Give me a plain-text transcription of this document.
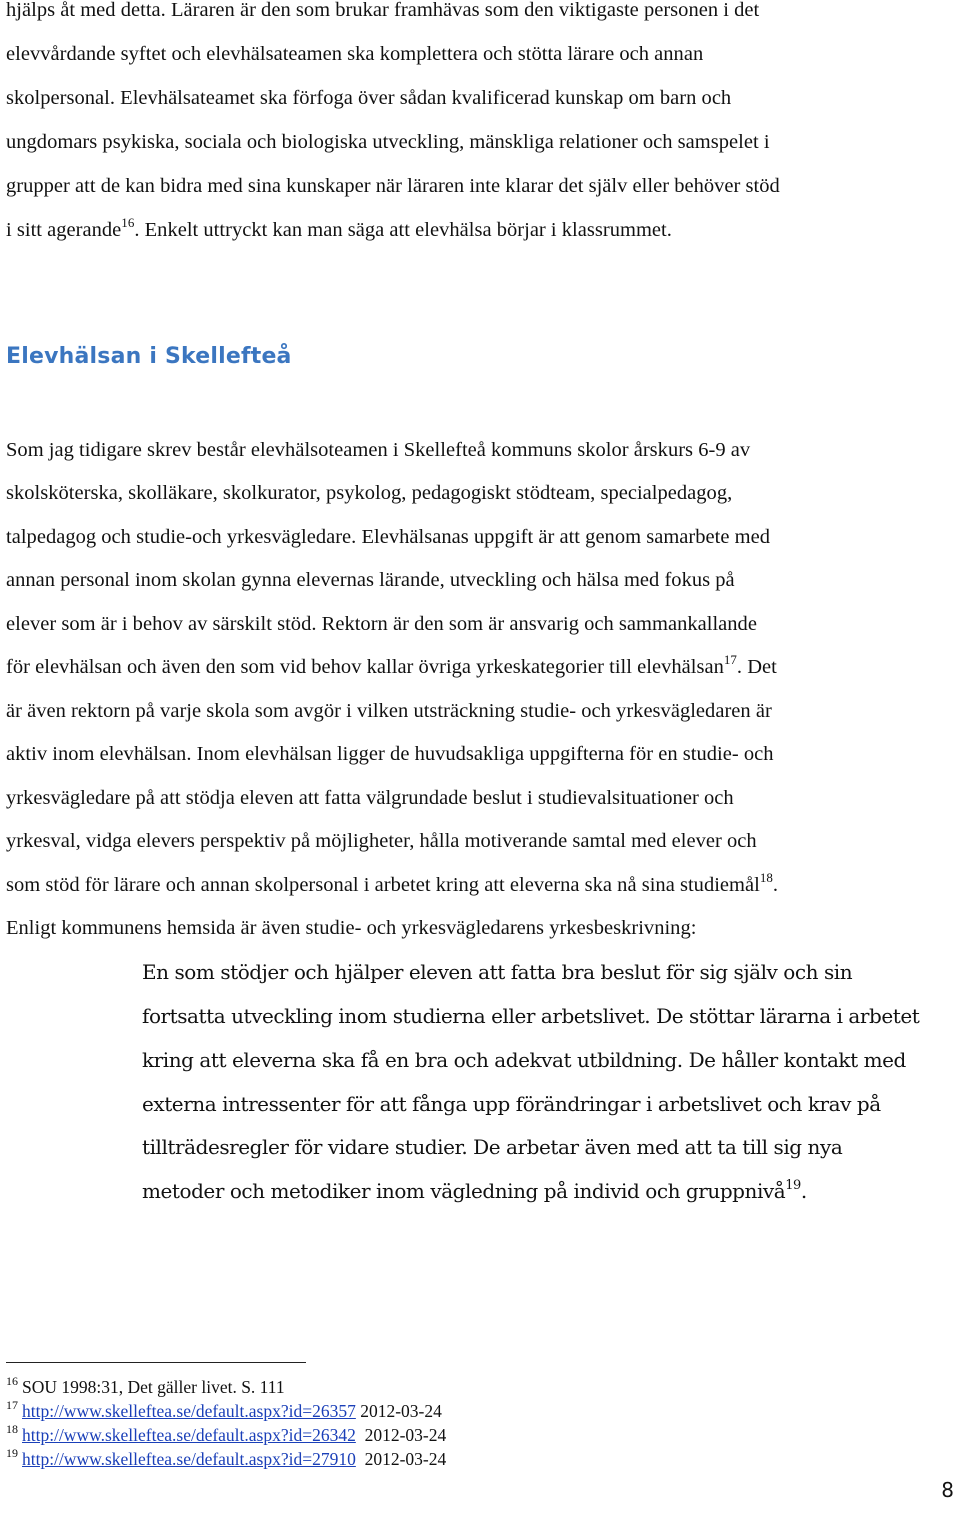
hjälps åt med detta. Läraren är den som brukar framhävas som den viktigaste personen i det
elevvårdande syftet och elevhälsateamen ska komplettera och stötta lärare och annan
skolpersonal. Elevhälsateamet ska förfoga över sådan kvalificerad kunskap om barn och
ungdomars psykiska, sociala och biologiska utveckling, mänskliga relationer och samspelet i
grupper att de kan bidra med sina kunskaper när läraren inte klarar det själv eller behöver stöd
i sitt agerande$^{16}$. Enkelt uttryckt kan man säga att elevhälsa börjar i klassrummet.
Elevhälsan i Skellefteå
Som jag tidigare skrev består elevhälsoteamen i Skellefteå kommuns skolor årskurs 6-9 av
skolsköterska, skolläkare, skolkurator, psykolog, pedagogiskt stödteam, specialpedagog,
talpedagog och studie-och yrkesvägledare. Elevhälsanas uppgift är att genom samarbete med
annan personal inom skolan gynna elevernas lärande, utveckling och hälsa med fokus på
elever som är i behov av särskilt stöd. Rektorn är den som är ansvarig och sammankallande
för elevhälsan och även den som vid behov kallar övriga yrkeskategorier till elevhälsan$^{17}$. Det
är även rektorn på varje skola som avgör i vilken utsträckning studie- och yrkesvägledaren är
aktiv inom elevhälsan. Inom elevhälsan ligger de huvudsakliga uppgifterna för en studie- och
yrkesvägledare på att stödja eleven att fatta välgrundade beslut i studievalsituationer och
yrkesval, vidga elevers perspektiv på möjligheter, hålla motiverande samtal med elever och
som stöd för lärare och annan skolpersonal i arbetet kring att eleverna ska nå sina studiemål$^{18}$.
Enligt kommunens hemsida är även studie- och yrkesvägledarens yrkesbeskrivning:
En som stödjer och hjälper eleven att fatta bra beslut för sig själv och sin
fortsatta utveckling inom studierna eller arbetslivet. De stöttar lärarna i arbetet
kring att eleverna ska få en bra och adekvat utbildning. De håller kontakt med
externa intressenter för att fånga upp förändringar i arbetslivet och krav på
tillträdesregler för vidare studier. De arbetar även med att ta till sig nya
metoder och metodiker inom vägledning på individ och gruppnivå$^{19}$.
$^{16}$ SOU 1998:31, Det gäller livet. S. 111
$^{17}$ http://www.skelleftea.se/default.aspx?id=26357 2012-03-24
$^{18}$ http://www.skelleftea.se/default.aspx?id=26342  2012-03-24
$^{19}$ http://www.skelleftea.se/default.aspx?id=27910  2012-03-24
8
